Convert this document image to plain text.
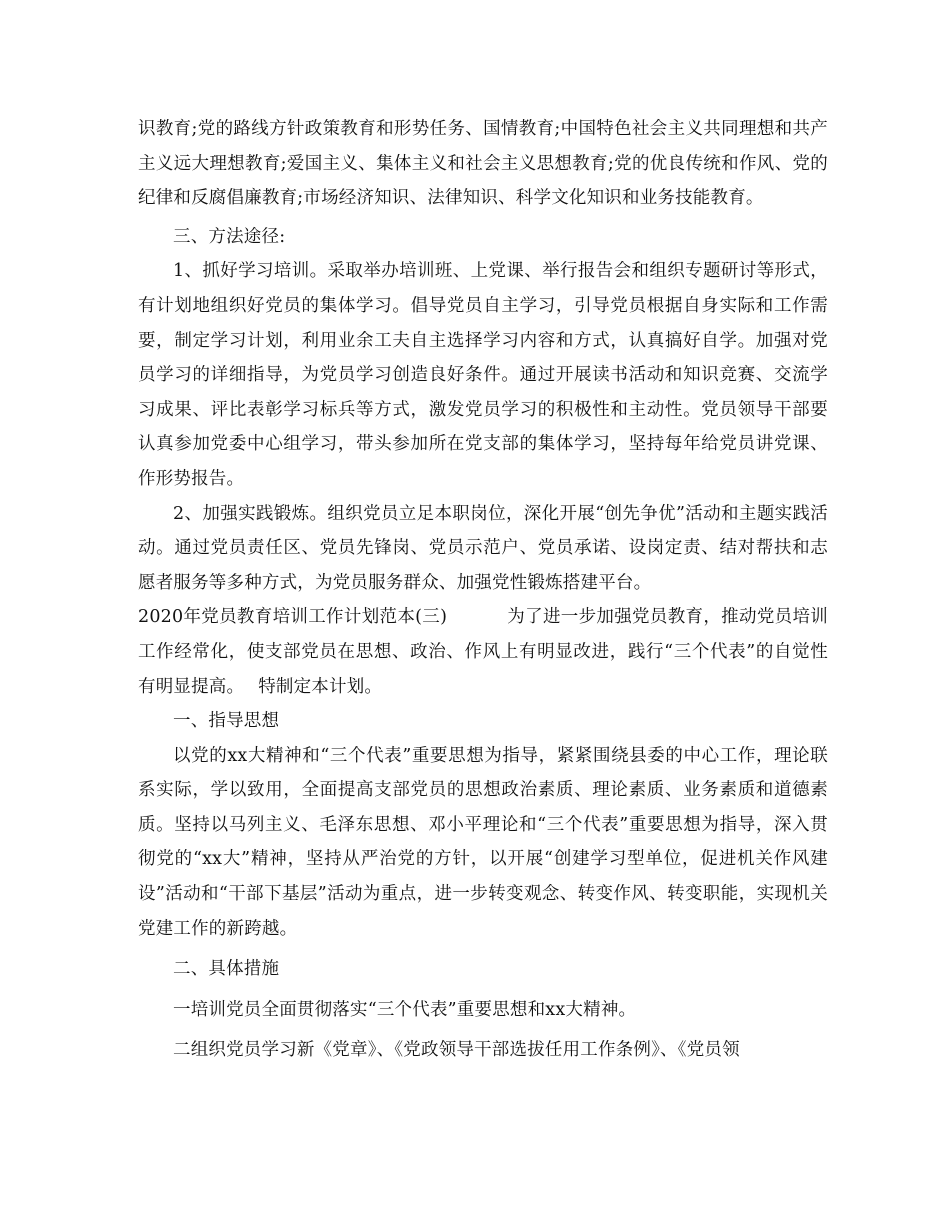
识教育;党的路线方针政策教育和形势任务、国情教育;中国特色社会主义共同理想和共产主义远大理想教育;爱国主义、集体主义和社会主义思想教育;党的优良传统和作风、党的纪律和反腐倡廉教育;市场经济知识、法律知识、科学文化知识和业务技能教育。

三、方法途径:

1、抓好学习培训。采取举办培训班、上党课、举行报告会和组织专题研讨等形式，有计划地组织好党员的集体学习。倡导党员自主学习，引导党员根据自身实际和工作需要，制定学习计划，利用业余工夫自主选择学习内容和方式，认真搞好自学。加强对党员学习的详细指导，为党员学习创造良好条件。通过开展读书活动和知识竞赛、交流学习成果、评比表彰学习标兵等方式，激发党员学习的积极性和主动性。党员领导干部要认真参加党委中心组学习，带头参加所在党支部的集体学习，坚持每年给党员讲党课、作形势报告。

2、加强实践锻炼。组织党员立足本职岗位，深化开展“创先争优”活动和主题实践活动。通过党员责任区、党员先锋岗、党员示范户、党员承诺、设岗定责、结对帮扶和志愿者服务等多种方式，为党员服务群众、加强党性锻炼搭建平台。

2020年党员教育培训工作计划范本(三)	为了进一步加强党员教育，推动党员培训工作经常化，使支部党员在思想、政治、作风上有明显改进，践行“三个代表”的自觉性有明显提高。 特制定本计划。

一、指导思想

以党的xx大精神和“三个代表”重要思想为指导，紧紧围绕县委的中心工作，理论联系实际，学以致用，全面提高支部党员的思想政治素质、理论素质、业务素质和道德素质。坚持以马列主义、毛泽东思想、邓小平理论和“三个代表”重要思想为指导，深入贯彻党的“xx大”精神，坚持从严治党的方针，以开展“创建学习型单位，促进机关作风建设”活动和“干部下基层”活动为重点，进一步转变观念、转变作风、转变职能，实现机关党建工作的新跨越。

二、具体措施

一培训党员全面贯彻落实“三个代表”重要思想和xx大精神。

二组织党员学习新《党章》、《党政领导干部选拔任用工作条例》、《党员领
